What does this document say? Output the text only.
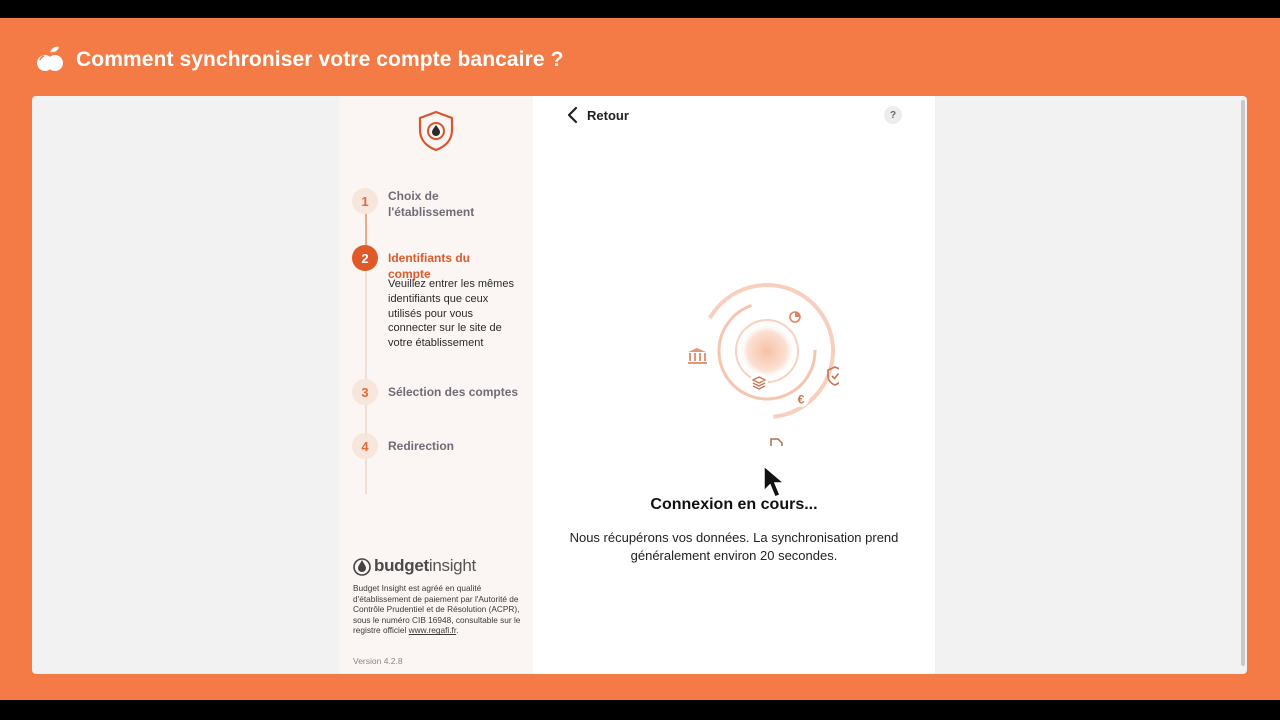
Comment synchroniser votre compte bancaire ?
1	Choix de l'établissement
2	Identifiants du compte
Veuillez entrer les mêmes identifiants que ceux utilisés pour vous connecter sur le site de votre établissement
3	Sélection des comptes
4	Redirection
budgetinsight
Budget Insight est agréé en qualité d'établissement de paiement par l'Autorité de Contrôle Prudentiel et de Résolution (ACPR), sous le numéro CIB 16948, consultable sur le registre officiel www.regafi.fr.
Version 4.2.8
Retour	?
€
Connexion en cours...
Nous récupérons vos données. La synchronisation prend généralement environ 20 secondes.
